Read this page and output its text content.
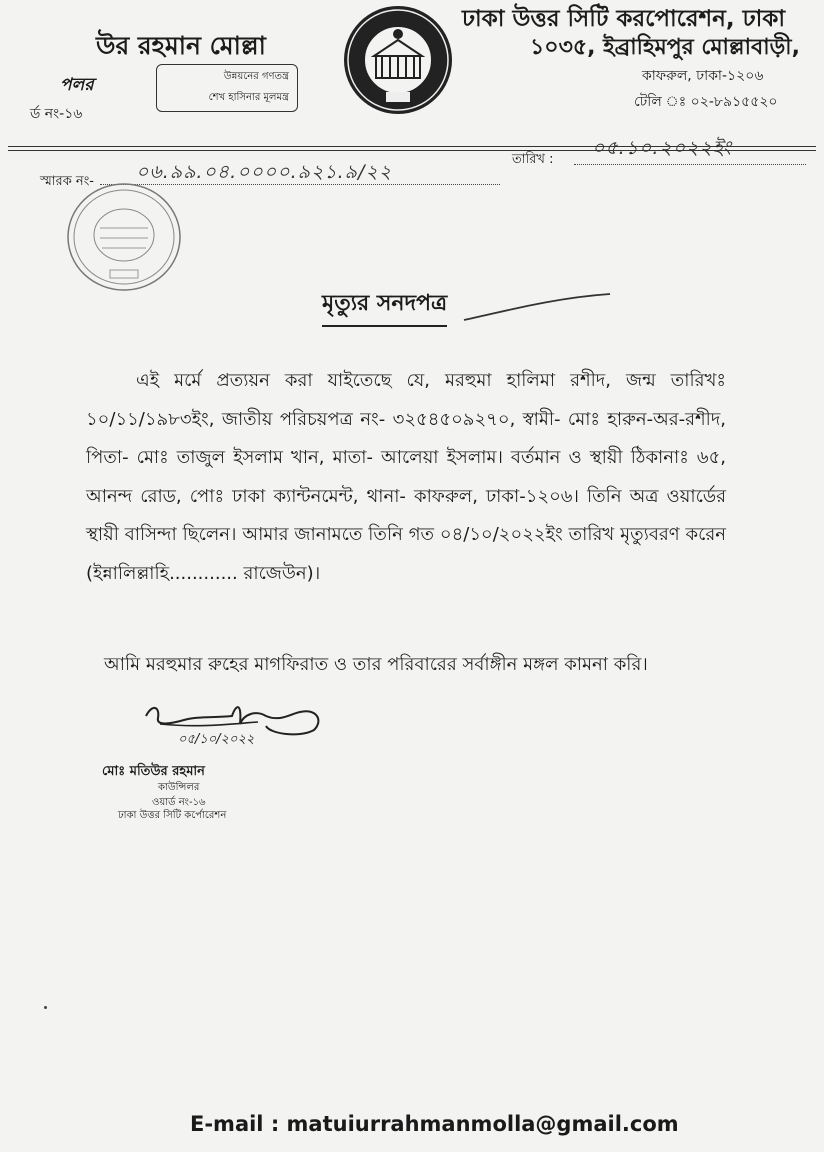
উর রহমান মোল্লা
পলর
র্ড নং-১৬
উন্নয়নের গণতন্ত্র
শেখ হাসিনার মূলমন্ত্র
ঢাকা উত্তর সিটি করপোরেশন, ঢাকা
১০৩৫, ইব্রাহিমপুর মোল্লাবাড়ী,
কাফরুল, ঢাকা-১২০৬
টেলি ঃ ০২-৮৯১৫৫২০
স্মারক নং- ০৬.৯৯.০৪.০০০০.৯২১.৯/২২
তারিখ :
০৫.১০.২০২২ইং
মৃত্যুর সনদপত্র
এই মর্মে প্রত্যয়ন করা যাইতেছে যে, মরহুমা হালিমা রশীদ, জন্ম তারিখঃ ১০/১১/১৯৮৩ইং, জাতীয় পরিচয়পত্র নং- ৩২৫৪৫০৯২৭০, স্বামী- মোঃ হারুন-অর-রশীদ, পিতা- মোঃ তাজুল ইসলাম খান, মাতা- আলেয়া ইসলাম। বর্তমান ও স্থায়ী ঠিকানাঃ ৬৫, আনন্দ রোড, পোঃ ঢাকা ক্যান্টনমেন্ট, থানা- কাফরুল, ঢাকা-১২০৬। তিনি অত্র ওয়ার্ডের স্থায়ী বাসিন্দা ছিলেন। আমার জানামতে তিনি গত ০৪/১০/২০২২ইং তারিখ মৃত্যুবরণ করেন (ইন্নালিল্লাহি............ রাজেউন)।
আমি মরহুমার রুহের মাগফিরাত ও তার পরিবারের সর্বাঙ্গীন মঙ্গল কামনা করি।
০৫/১০/২০২২
মোঃ মতিউর রহমান
কাউন্সিলর
ওয়ার্ড নং-১৬
ঢাকা উত্তর সিটি কর্পোরেশন
E-mail : matuiurrahmanmolla@gmail.com
